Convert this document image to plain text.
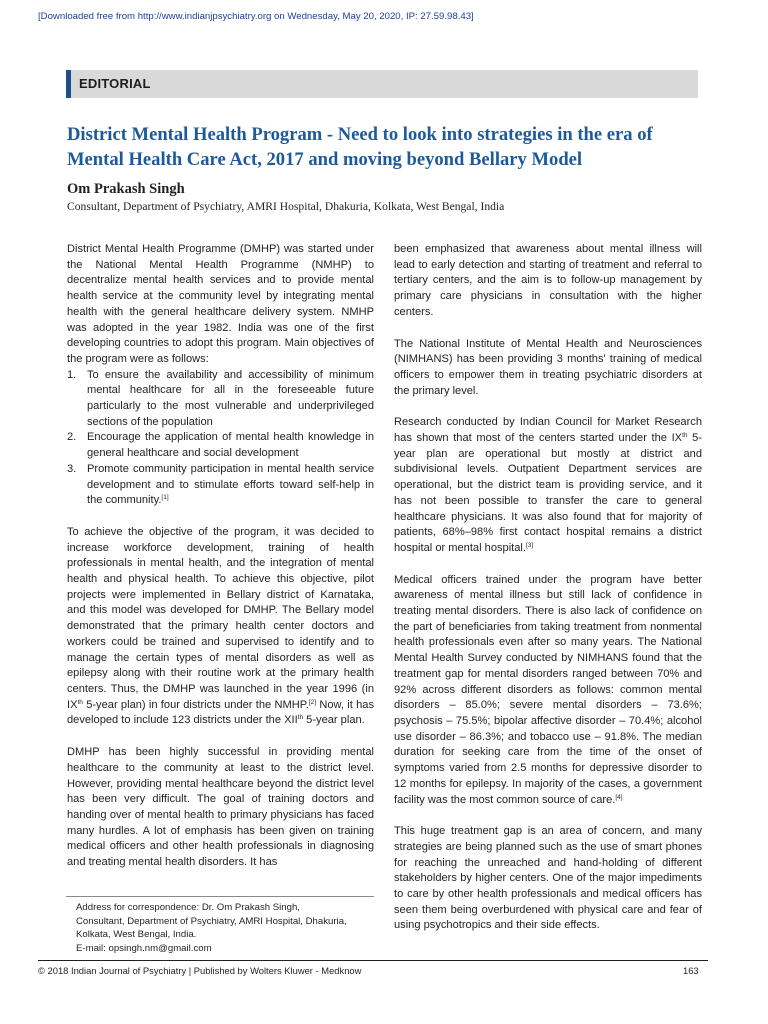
[Downloaded free from http://www.indianjpsychiatry.org on Wednesday, May 20, 2020, IP: 27.59.98.43]
EDITORIAL
District Mental Health Program - Need to look into strategies in the era of Mental Health Care Act, 2017 and moving beyond Bellary Model
Om Prakash Singh
Consultant, Department of Psychiatry, AMRI Hospital, Dhakuria, Kolkata, West Bengal, India

District Mental Health Programme (DMHP) was started under the National Mental Health Programme (NMHP) to decentralize mental health services and to provide mental health service at the community level by integrating mental health with the general healthcare delivery system. NMHP was adopted in the year 1982. India was one of the first developing countries to adopt this program. Main objectives of the program were as follows:

1. To ensure the availability and accessibility of minimum mental healthcare for all in the foreseeable future particularly to the most vulnerable and underprivileged sections of the population
2. Encourage the application of mental health knowledge in general healthcare and social development
3. Promote community participation in mental health service development and to stimulate efforts toward self-help in the community.[1]

To achieve the objective of the program, it was decided to increase workforce development, training of health professionals in mental health, and the integration of mental health and physical health. To achieve this objective, pilot projects were implemented in Bellary district of Karnataka, and this model was developed for DMHP. The Bellary model demonstrated that the primary health center doctors and workers could be trained and supervised to identify and to manage the certain types of mental disorders as well as epilepsy along with their routine work at the primary health centers. Thus, the DMHP was launched in the year 1996 (in IXth 5-year plan) in four districts under the NMHP.[2] Now, it has developed to include 123 districts under the XIIth 5-year plan.

DMHP has been highly successful in providing mental healthcare to the community at least to the district level. However, providing mental healthcare beyond the district level has been very difficult. The goal of training doctors and handing over of mental health to primary physicians has faced many hurdles. A lot of emphasis has been given on training medical officers and other health professionals in diagnosing and treating mental health disorders. It has

been emphasized that awareness about mental illness will lead to early detection and starting of treatment and referral to tertiary centers, and the aim is to follow-up management by primary care physicians in consultation with the higher centers.

The National Institute of Mental Health and Neurosciences (NIMHANS) has been providing 3 months' training of medical officers to empower them in treating psychiatric disorders at the primary level.

Research conducted by Indian Council for Market Research has shown that most of the centers started under the IXth 5-year plan are operational but mostly at district and subdivisional levels. Outpatient Department services are operational, but the district team is providing service, and it has not been possible to transfer the care to general healthcare physicians. It was also found that for majority of patients, 68%–98% first contact hospital remains a district hospital or mental hospital.[3]

Medical officers trained under the program have better awareness of mental illness but still lack of confidence in treating mental disorders. There is also lack of confidence on the part of beneficiaries from taking treatment from nonmental health professionals even after so many years. The National Mental Health Survey conducted by NIMHANS found that the treatment gap for mental disorders ranged between 70% and 92% across different disorders as follows: common mental disorders – 85.0%; severe mental disorders – 73.6%; psychosis – 75.5%; bipolar affective disorder – 70.4%; alcohol use disorder – 86.3%; and tobacco use – 91.8%. The median duration for seeking care from the time of the onset of symptoms varied from 2.5 months for depressive disorder to 12 months for epilepsy. In majority of the cases, a government facility was the most common source of care.[4]

This huge treatment gap is an area of concern, and many strategies are being planned such as the use of smart phones for reaching the unreached and hand-holding of different stakeholders by higher centers. One of the major impediments to care by other health professionals and medical officers has seen them being overburdened with physical care and fear of using psychotropics and their side effects.

Address for correspondence: Dr. Om Prakash Singh,
Consultant, Department of Psychiatry, AMRI Hospital, Dhakuria,
Kolkata, West Bengal, India.
E-mail: opsingh.nm@gmail.com
© 2018 Indian Journal of Psychiatry | Published by Wolters Kluwer - Medknow	163
